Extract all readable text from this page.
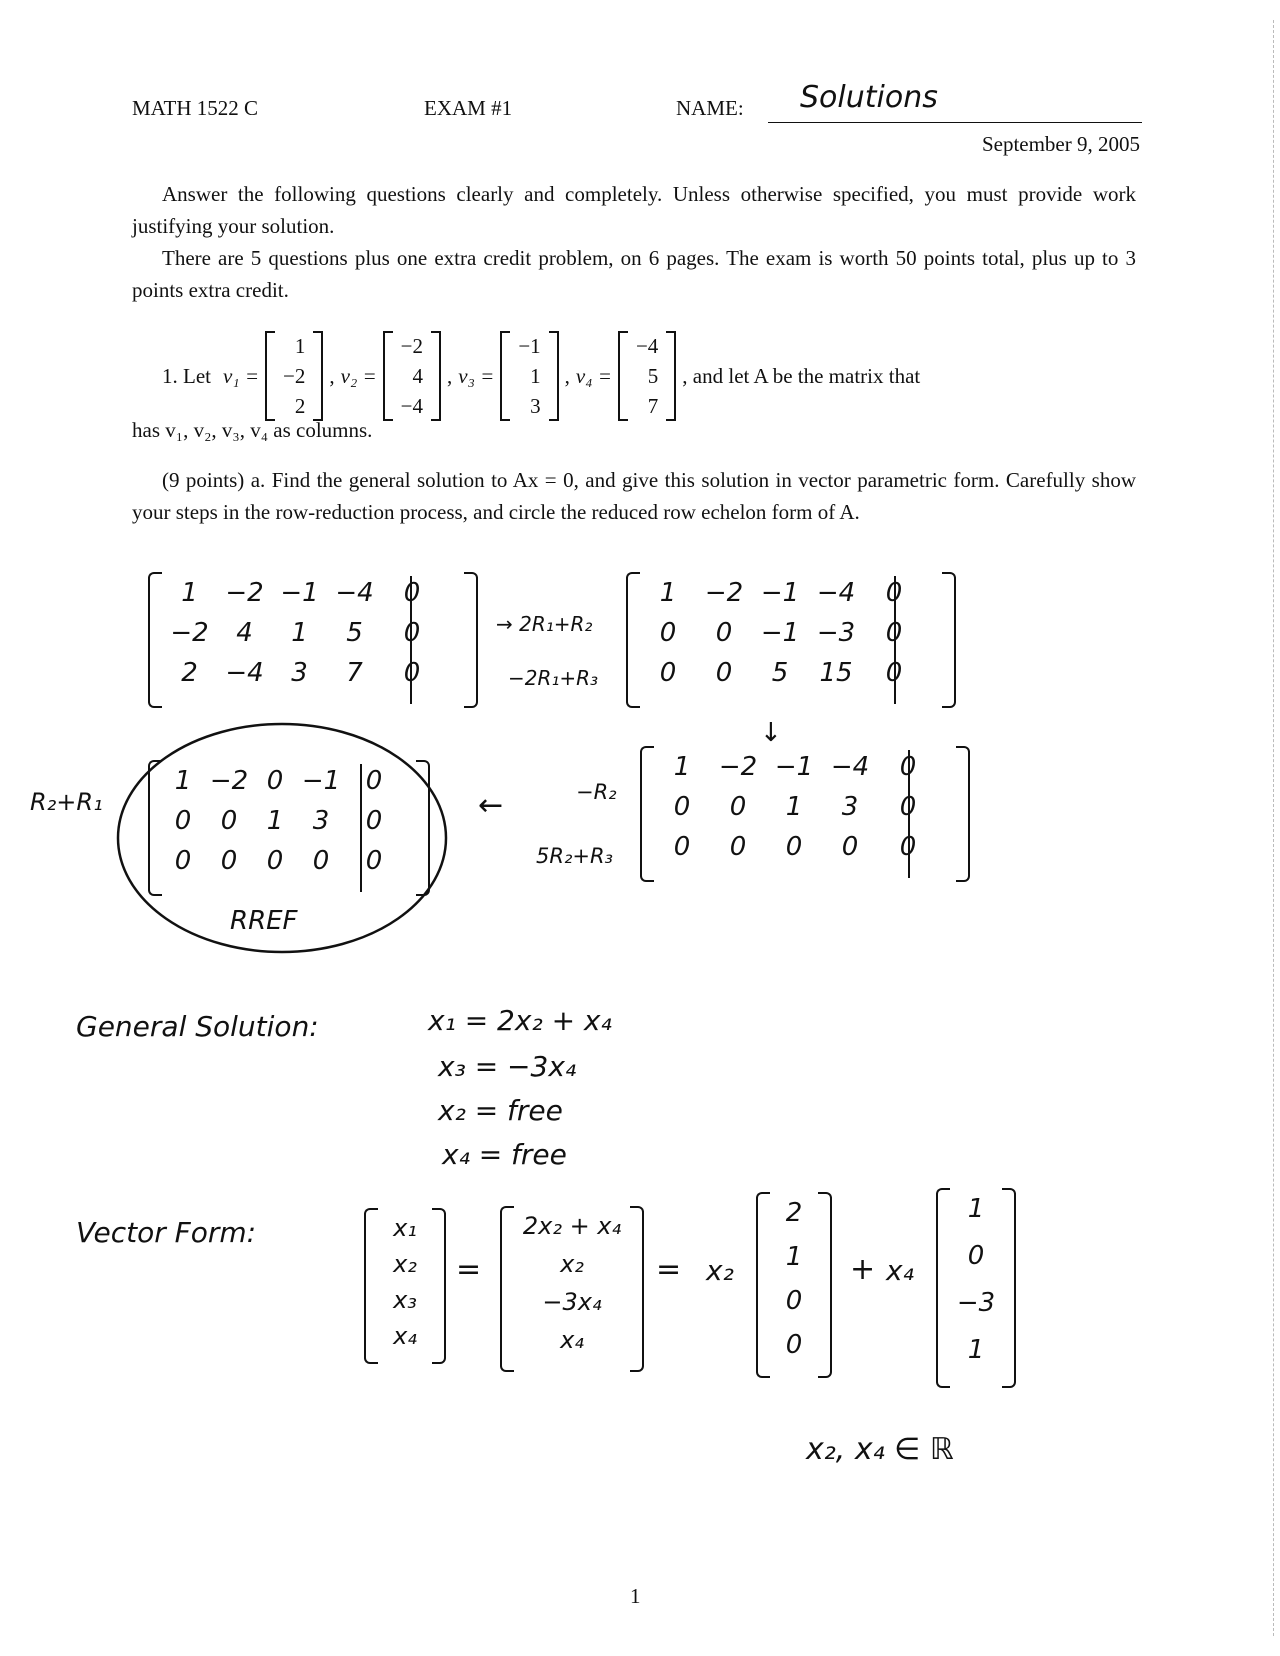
MATH 1522 C	EXAM #1	NAME: Solutions
September 9, 2005
Answer the following questions clearly and completely. Unless otherwise specified, you must provide work justifying your solution.
There are 5 questions plus one extra credit problem, on 6 pages. The exam is worth 50 points total, plus up to 3 points extra credit.
1. Let v₁ =
1
−2
2
, v₂ =
−2
4
−4
, v₃ =
−1
1
3
, v₄ =
−4
5
7
, and let A be the matrix that
has v₁, v₂, v₃, v₄ as columns.
(9 points) a. Find the general solution to Ax = 0, and give this solution in vector parametric form. Carefully show your steps in the row-reduction process, and circle the reduced row echelon form of A.
1	−2 −1 −4	0
−2	4	1	5	0
2	−4	3	7	0
→ 2R₁+R₂
−2R₁+R₃
1	−2 −1 −4	0
0	0	−1 −3	0
0	0	5	15	0
↓
−R₂
5R₂+R₃
1	−2 −1 −4	0
0	0	1	3	0
0	0	0	0	0
←
R₂+R₁
1 −2 0 −1 0
0	0	1	3	0
0	0	0	0	0
RREF
General Solution:	x₁ = 2x₂ + x₄
x₃ = −3x₄
x₂ = free
x₄ = free
Vector Form:	x₁
x₂
x₃
x₄
=
2x₂ + x₄
x₂
−3x₄
x₄
= x₂
2
1
0
0
+ x₄
1
0
−3
1
x₂, x₄ ∈ ℝ
1
